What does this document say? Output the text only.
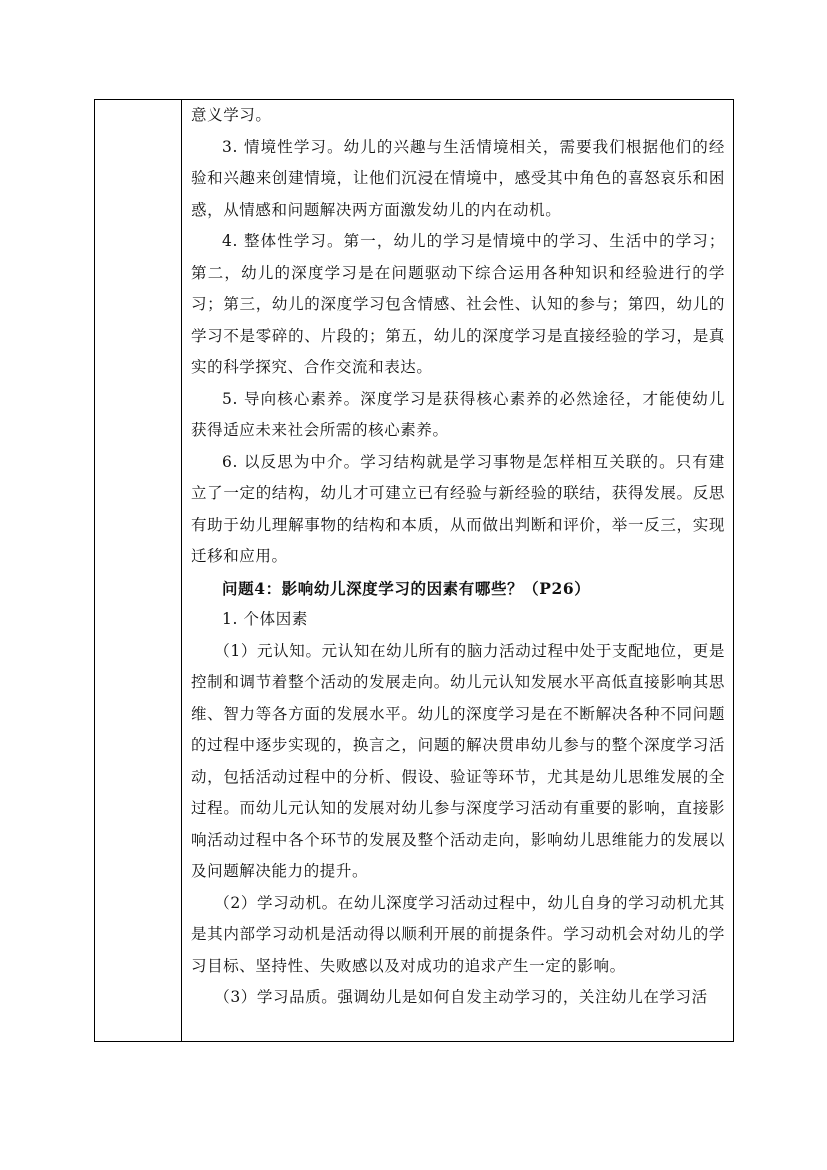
意义学习。

3. 情境性学习。幼儿的兴趣与生活情境相关，需要我们根据他们的经验和兴趣来创建情境，让他们沉浸在情境中，感受其中角色的喜怒哀乐和困惑，从情感和问题解决两方面激发幼儿的内在动机。

4. 整体性学习。第一，幼儿的学习是情境中的学习、生活中的学习；第二，幼儿的深度学习是在问题驱动下综合运用各种知识和经验进行的学习；第三，幼儿的深度学习包含情感、社会性、认知的参与；第四，幼儿的学习不是零碎的、片段的；第五，幼儿的深度学习是直接经验的学习，是真实的科学探究、合作交流和表达。

5. 导向核心素养。深度学习是获得核心素养的必然途径，才能使幼儿获得适应未来社会所需的核心素养。

6. 以反思为中介。学习结构就是学习事物是怎样相互关联的。只有建立了一定的结构，幼儿才可建立已有经验与新经验的联结，获得发展。反思有助于幼儿理解事物的结构和本质，从而做出判断和评价，举一反三，实现迁移和应用。

问题4：影响幼儿深度学习的因素有哪些？（P26）

1. 个体因素

（1）元认知。元认知在幼儿所有的脑力活动过程中处于支配地位，更是控制和调节着整个活动的发展走向。幼儿元认知发展水平高低直接影响其思维、智力等各方面的发展水平。幼儿的深度学习是在不断解决各种不同问题的过程中逐步实现的，换言之，问题的解决贯串幼儿参与的整个深度学习活动，包括活动过程中的分析、假设、验证等环节，尤其是幼儿思维发展的全过程。而幼儿元认知的发展对幼儿参与深度学习活动有重要的影响，直接影响活动过程中各个环节的发展及整个活动走向，影响幼儿思维能力的发展以及问题解决能力的提升。

（2）学习动机。在幼儿深度学习活动过程中，幼儿自身的学习动机尤其是其内部学习动机是活动得以顺利开展的前提条件。学习动机会对幼儿的学习目标、坚持性、失败感以及对成功的追求产生一定的影响。

（3）学习品质。强调幼儿是如何自发主动学习的，关注幼儿在学习活
